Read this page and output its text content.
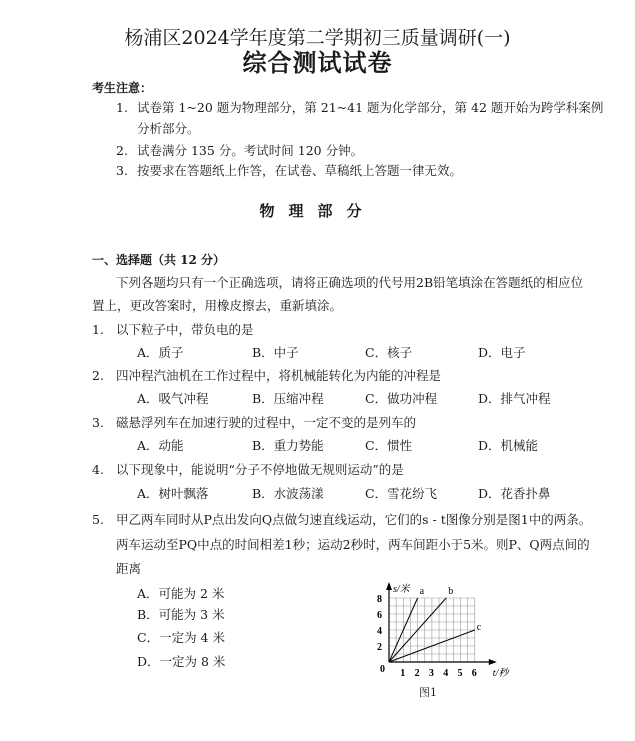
杨浦区2024学年度第二学期初三质量调研(一)
综合测试试卷
考生注意：
1. 试卷第 1~20 题为物理部分，第 21~41 题为化学部分，第 42 题开始为跨学科案例
分析部分。
2. 试卷满分 135 分。考试时间 120 分钟。
3. 按要求在答题纸上作答，在试卷、草稿纸上答题一律无效。
物理部分
一、选择题（共 12 分）
下列各题均只有一个正确选项，请将正确选项的代号用2B铅笔填涂在答题纸的相应位
置上，更改答案时，用橡皮擦去，重新填涂。
1. 以下粒子中，带负电的是
A．质子	B．中子	C．核子	D．电子
2. 四冲程汽油机在工作过程中，将机械能转化为内能的冲程是
A．吸气冲程	B．压缩冲程	C．做功冲程	D．排气冲程
3. 磁悬浮列车在加速行驶的过程中，一定不变的是列车的
A．动能	B．重力势能	C．惯性	D．机械能
4. 以下现象中，能说明“分子不停地做无规则运动”的是
A．树叶飘落	B．水波荡漾	C．雪花纷飞	D．花香扑鼻
5. 甲乙两车同时从P点出发向Q点做匀速直线运动，它们的s - t图像分别是图1中的两条。
两车运动至PQ中点的时间相差1秒；运动2秒时，两车间距小于5米。则P、Q两点间的
距离
A．可能为 2 米
B．可能为 3 米
C．一定为 4 米
D．一定为 8 米
a b
c
1 2 3 4 5 6
2
4
6
8
0
s/米
t/秒
图1
